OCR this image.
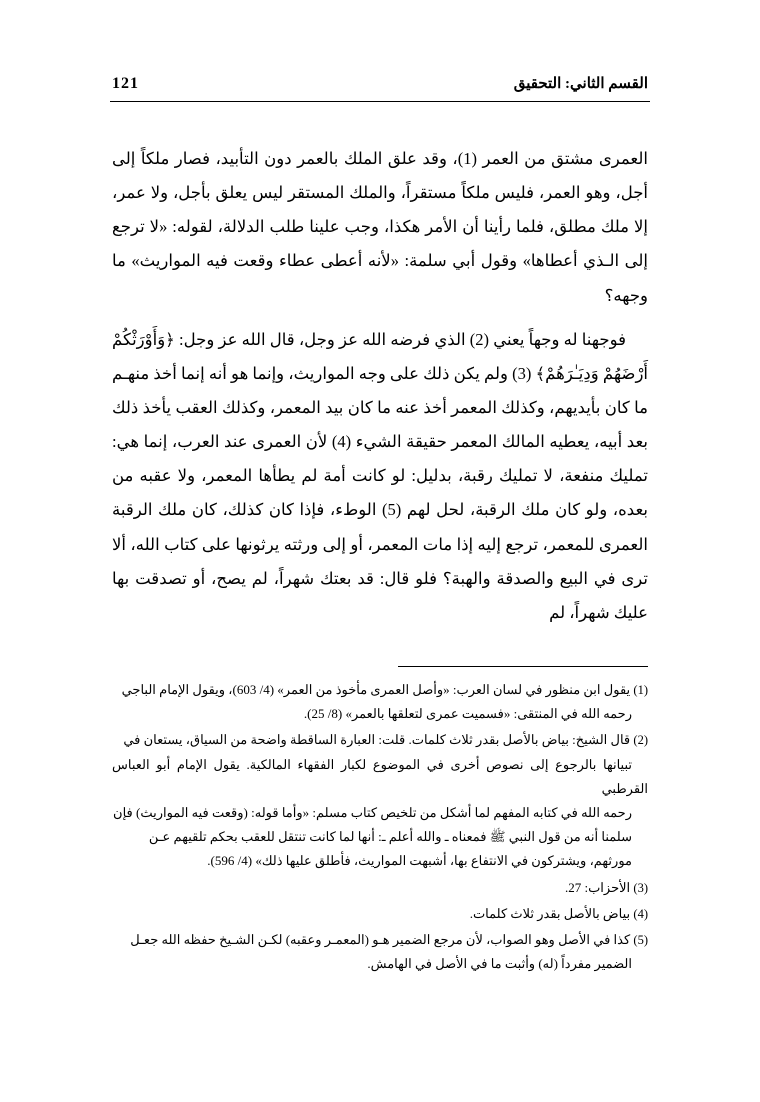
121	القسم الثاني: التحقيق

العمرى مشتق من العمر (1)، وقد علق الملك بالعمر دون التأبيد، فصار ملكاً إلى أجل، وهو العمر، فليس ملكاً مستقراً، والملك المستقر ليس يعلق بأجل، ولا عمر، إلا ملك مطلق، فلما رأينا أن الأمر هكذا، وجب علينا طلب الدلالة، لقوله: «لا ترجع إلى الـذي أعطاها» وقول أبي سلمة: «لأنه أعطى عطاء وقعت فيه المواريث» ما وجهه؟

فوجهنا له وجهاً يعني (2) الذي فرضه الله عز وجل، قال الله عز وجل: ﴿وَأَوْرَثْكُمْ أَرْضَهُمْ وَدِيَـٰرَهُمْ﴾ (3) ولم يكن ذلك على وجه المواريث، وإنما هو أنه إنما أخذ منهـم ما كان بأيديهم، وكذلك المعمر أخذ عنه ما كان بيد المعمر، وكذلك العقب يأخذ ذلك بعد أبيه، يعطيه المالك المعمر حقيقة الشيء (4) لأن العمرى عند العرب، إنما هي: تمليك منفعة، لا تمليك رقبة، بدليل: لو كانت أمة لم يطأها المعمر، ولا عقبه من بعده، ولو كان ملك الرقبة، لحل لهم (5) الوطء، فإذا كان كذلك، كان ملك الرقبة العمرى للمعمر، ترجع إليه إذا مات المعمر، أو إلى ورثته يرثونها على كتاب الله، ألا ترى في البيع والصدقة والهبة؟ فلو قال: قد بعتك شهراً، لم يصح، أو تصدقت بها عليك شهراً، لم

(1) يقول ابن منظور في لسان العرب: «وأصل العمرى مأخوذ من العمر» (4/ 603)، ويقول الإمام الباجي
رحمه الله في المنتقى: «فسميت عمرى لتعلقها بالعمر» (8/ 25).
(2) قال الشيخ: بياض بالأصل بقدر ثلاث كلمات. قلت: العبارة الساقطة واضحة من السياق، يستعان في
تبيانها بالرجوع إلى نصوص أخرى في الموضوع لكبار الفقهاء المالكية. يقول الإمام أبو العباس القرطبي
رحمه الله في كتابه المفهم لما أشكل من تلخيص كتاب مسلم: «وأما قوله: (وقعت فيه المواريث) فإن
سلمنا أنه من قول النبي ﷺ فمعناه ـ والله أعلم ـ: أنها لما كانت تنتقل للعقب بحكم تلقيهم عـن
مورثهم، ويشتركون في الانتفاع بها، أشبهت المواريث، فأطلق عليها ذلك» (4/ 596).
(3) الأحزاب: 27.
(4) بياض بالأصل بقدر ثلاث كلمات.
(5) كذا في الأصل وهو الصواب، لأن مرجع الضمير هـو (المعمـر وعقبه) لكـن الشـيخ حفظه الله جعـل
الضمير مفرداً (له) وأثبت ما في الأصل في الهامش.
